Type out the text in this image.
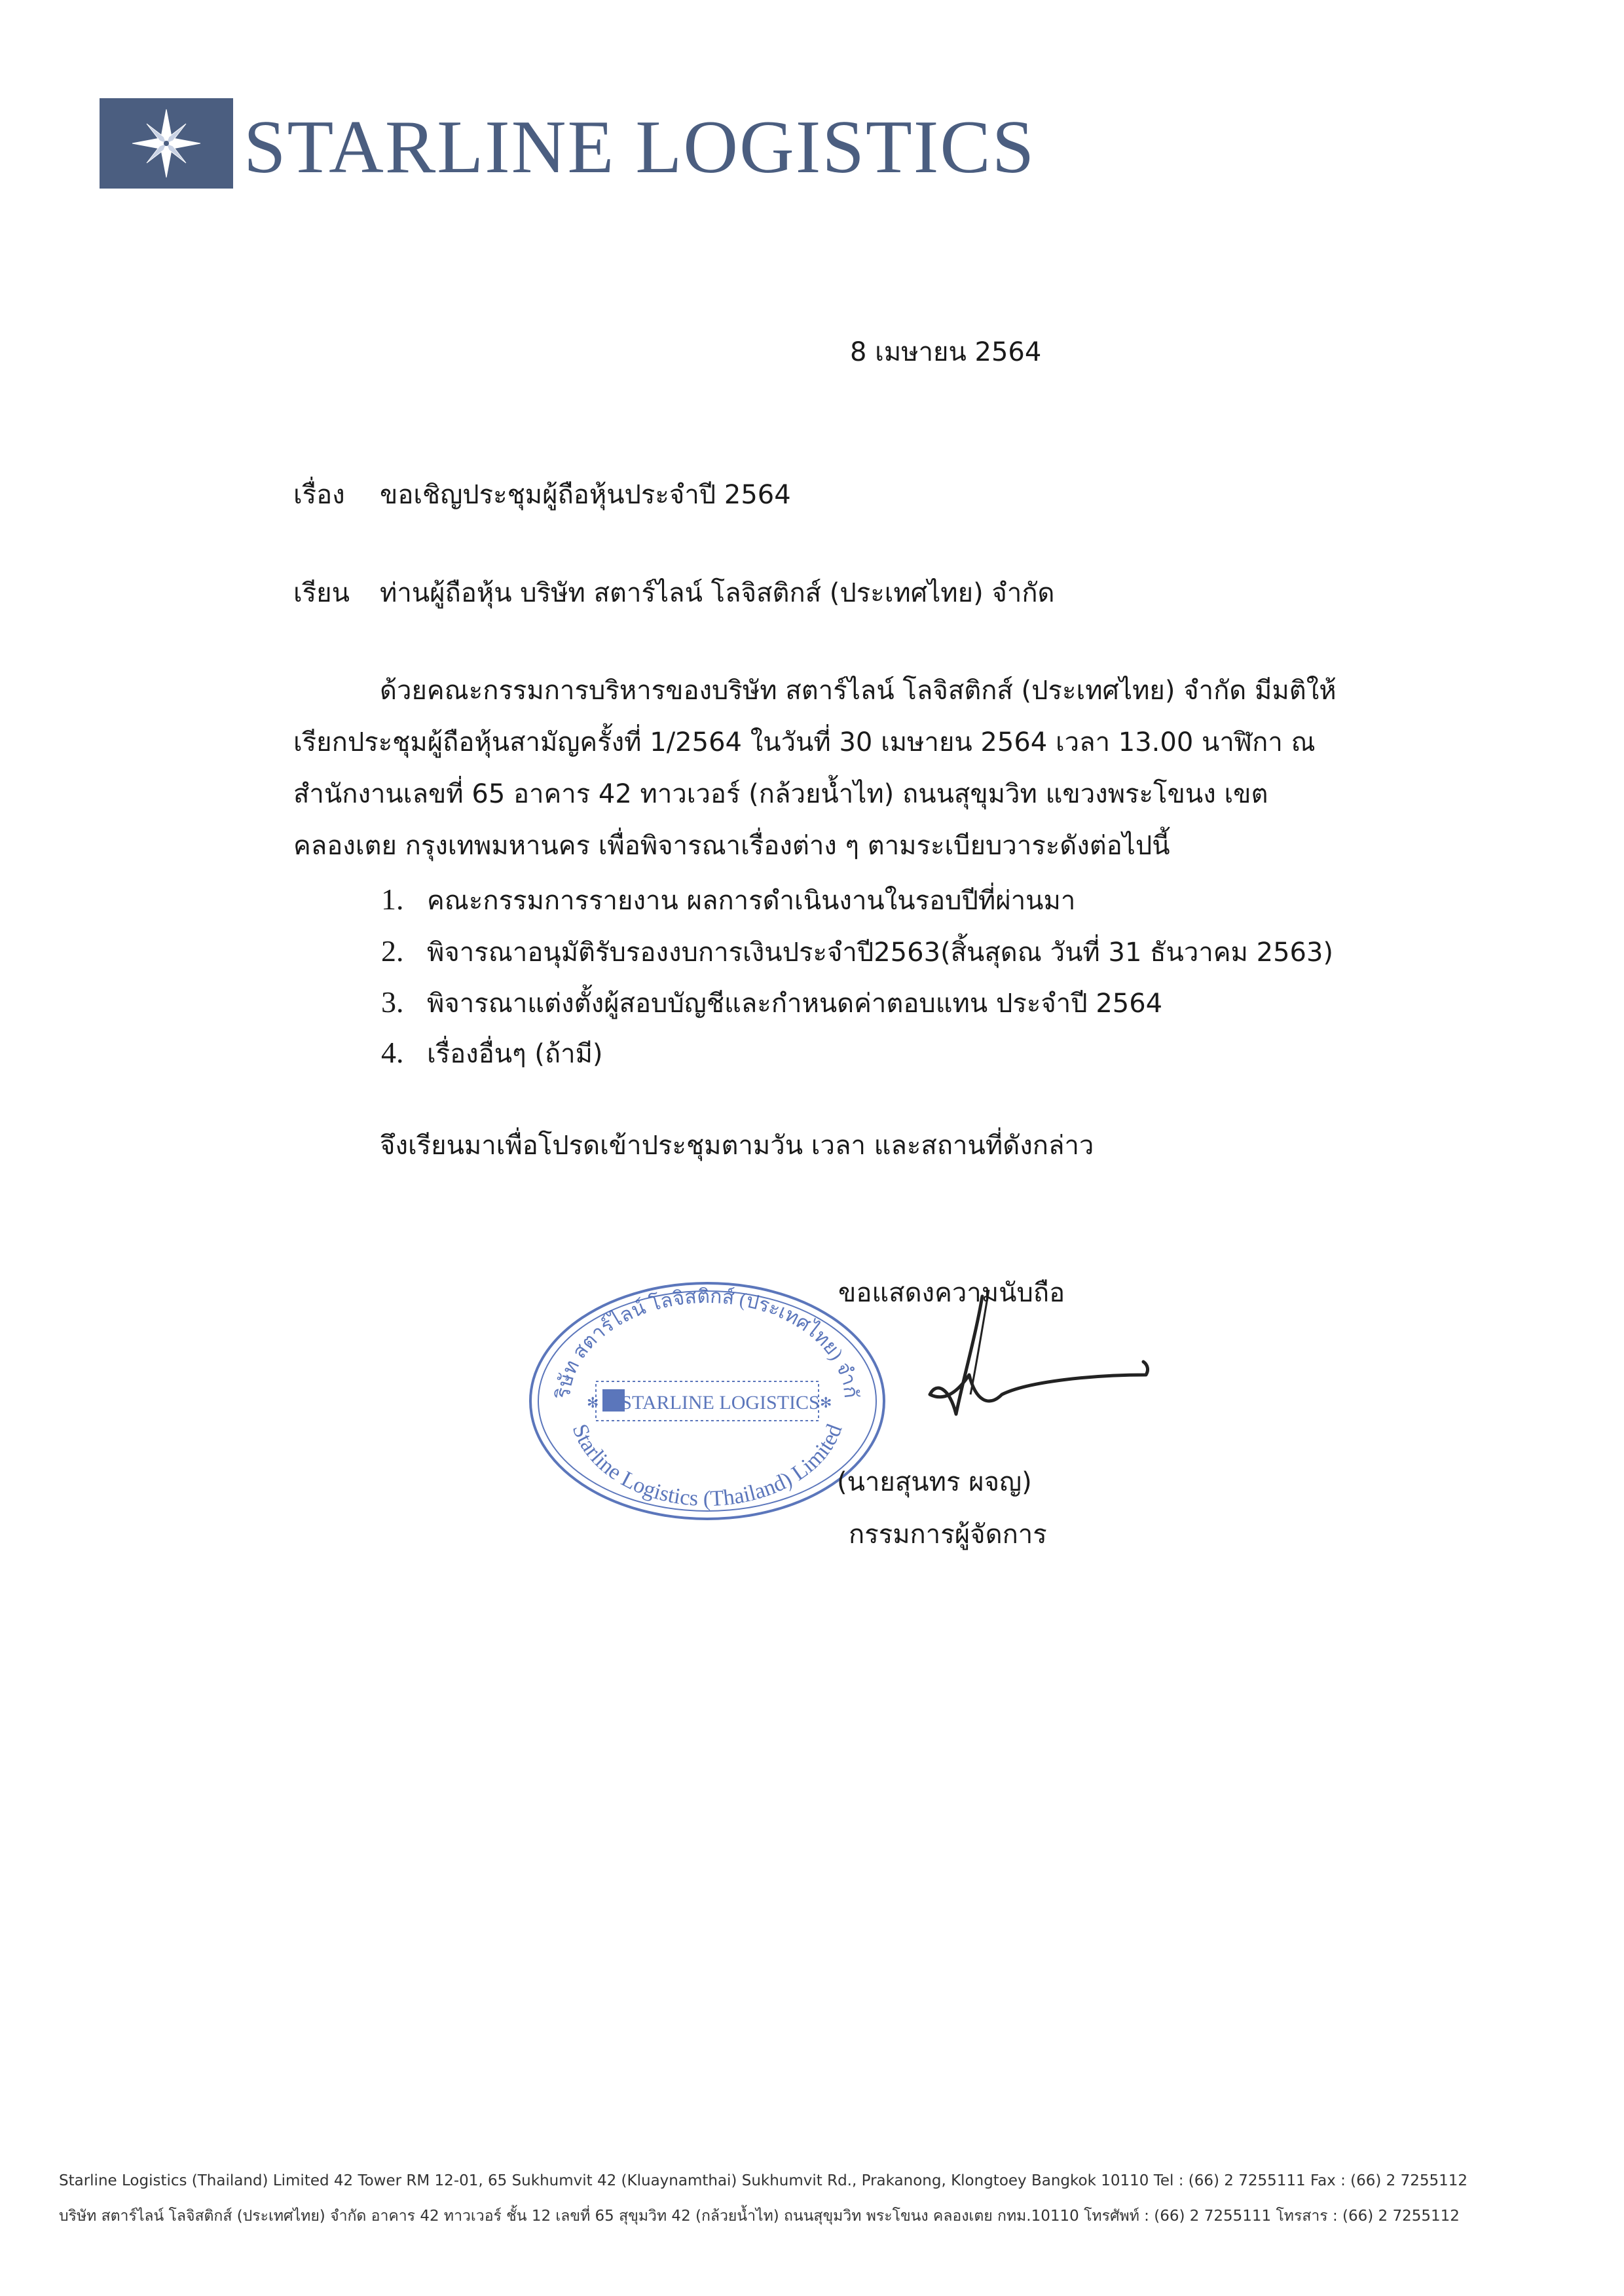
STARLINE LOGISTICS
8 เมษายน 2564
เรื่อง ขอเชิญประชุมผู้ถือหุ้นประจำปี 2564
เรียน ท่านผู้ถือหุ้น บริษัท สตาร์ไลน์ โลจิสติกส์ (ประเทศไทย) จำกัด
ด้วยคณะกรรมการบริหารของบริษัท สตาร์ไลน์ โลจิสติกส์ (ประเทศไทย) จำกัด มีมติให้
เรียกประชุมผู้ถือหุ้นสามัญครั้งที่ 1/2564 ในวันที่ 30 เมษายน 2564 เวลา 13.00 นาฬิกา ณ
สำนักงานเลขที่ 65 อาคาร 42 ทาวเวอร์ (กล้วยน้ำไท) ถนนสุขุมวิท แขวงพระโขนง เขต
คลองเตย กรุงเทพมหานคร เพื่อพิจารณาเรื่องต่าง ๆ ตามระเบียบวาระดังต่อไปนี้
1. คณะกรรมการรายงาน ผลการดำเนินงานในรอบปีที่ผ่านมา
2. พิจารณาอนุมัติรับรองงบการเงินประจำปี2563(สิ้นสุดณ วันที่ 31 ธันวาคม 2563)
3. พิจารณาแต่งตั้งผู้สอบบัญชีและกำหนดค่าตอบแทน ประจำปี 2564
4. เรื่องอื่นๆ (ถ้ามี)
จึงเรียนมาเพื่อโปรดเข้าประชุมตามวัน เวลา และสถานที่ดังกล่าว
ริษัท สตาร์ไลน์ โลจิสติกส์ (ประเทศไทย) จำกั
Starline Logistics (Thailand) Limited
STARLINE LOGISTICS
✻	✻
ขอแสดงความนับถือ
(นายสุนทร ผจญ)
กรรมการผู้จัดการ
Starline Logistics (Thailand) Limited 42 Tower RM 12-01, 65 Sukhumvit 42 (Kluaynamthai) Sukhumvit Rd., Prakanong, Klongtoey Bangkok 10110 Tel : (66) 2 7255111 Fax : (66) 2 7255112
บริษัท สตาร์ไลน์ โลจิสติกส์ (ประเทศไทย) จำกัด อาคาร 42 ทาวเวอร์ ชั้น 12 เลขที่ 65 สุขุมวิท 42 (กล้วยน้ำไท) ถนนสุขุมวิท พระโขนง คลองเตย กทม.10110 โทรศัพท์ : (66) 2 7255111 โทรสาร : (66) 2 7255112
